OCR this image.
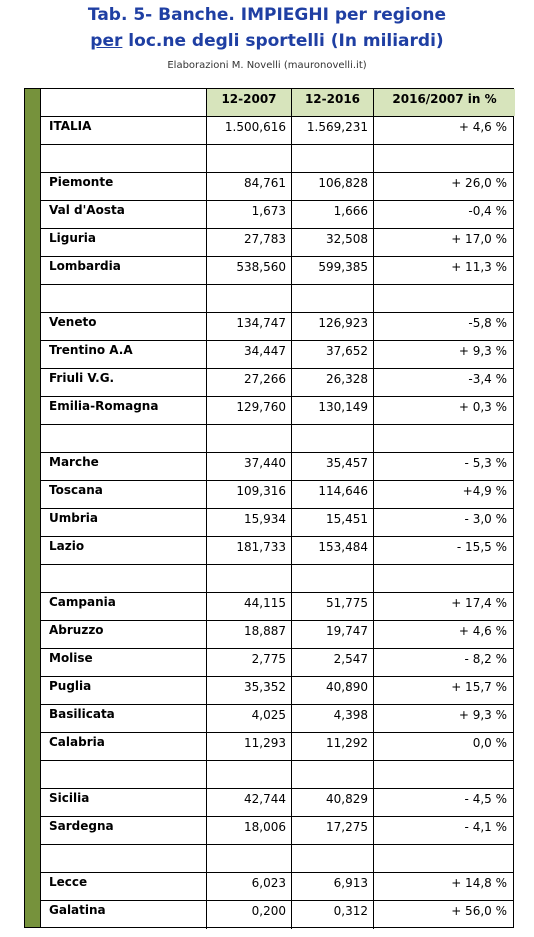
Tab. 5- Banche. IMPIEGHI per regione
per loc.ne degli sportelli (In miliardi)
Elaborazioni M. Novelli (mauronovelli.it)
12-2007	12-2016	2016/2007 in %
ITALIA	1.500,616	1.569,231	+ 4,6 %
Piemonte	84,761	106,828	+ 26,0 %
Val d'Aosta	1,673	1,666	-0,4 %
Liguria	27,783	32,508	+ 17,0 %
Lombardia	538,560	599,385	+ 11,3 %
Veneto	134,747	126,923	-5,8 %
Trentino A.A	34,447	37,652	+ 9,3 %
Friuli V.G.	27,266	26,328	-3,4 %
Emilia-Romagna	129,760	130,149	+ 0,3 %
Marche	37,440	35,457	- 5,3 %
Toscana	109,316	114,646	+4,9 %
Umbria	15,934	15,451	- 3,0 %
Lazio	181,733	153,484	- 15,5 %
Campania	44,115	51,775	+ 17,4 %
Abruzzo	18,887	19,747	+ 4,6 %
Molise	2,775	2,547	- 8,2 %
Puglia	35,352	40,890	+ 15,7 %
Basilicata	4,025	4,398	+ 9,3 %
Calabria	11,293	11,292	0,0 %
Sicilia	42,744	40,829	- 4,5 %
Sardegna	18,006	17,275	- 4,1 %
Lecce	6,023	6,913	+ 14,8 %
Galatina	0,200	0,312	+ 56,0 %
